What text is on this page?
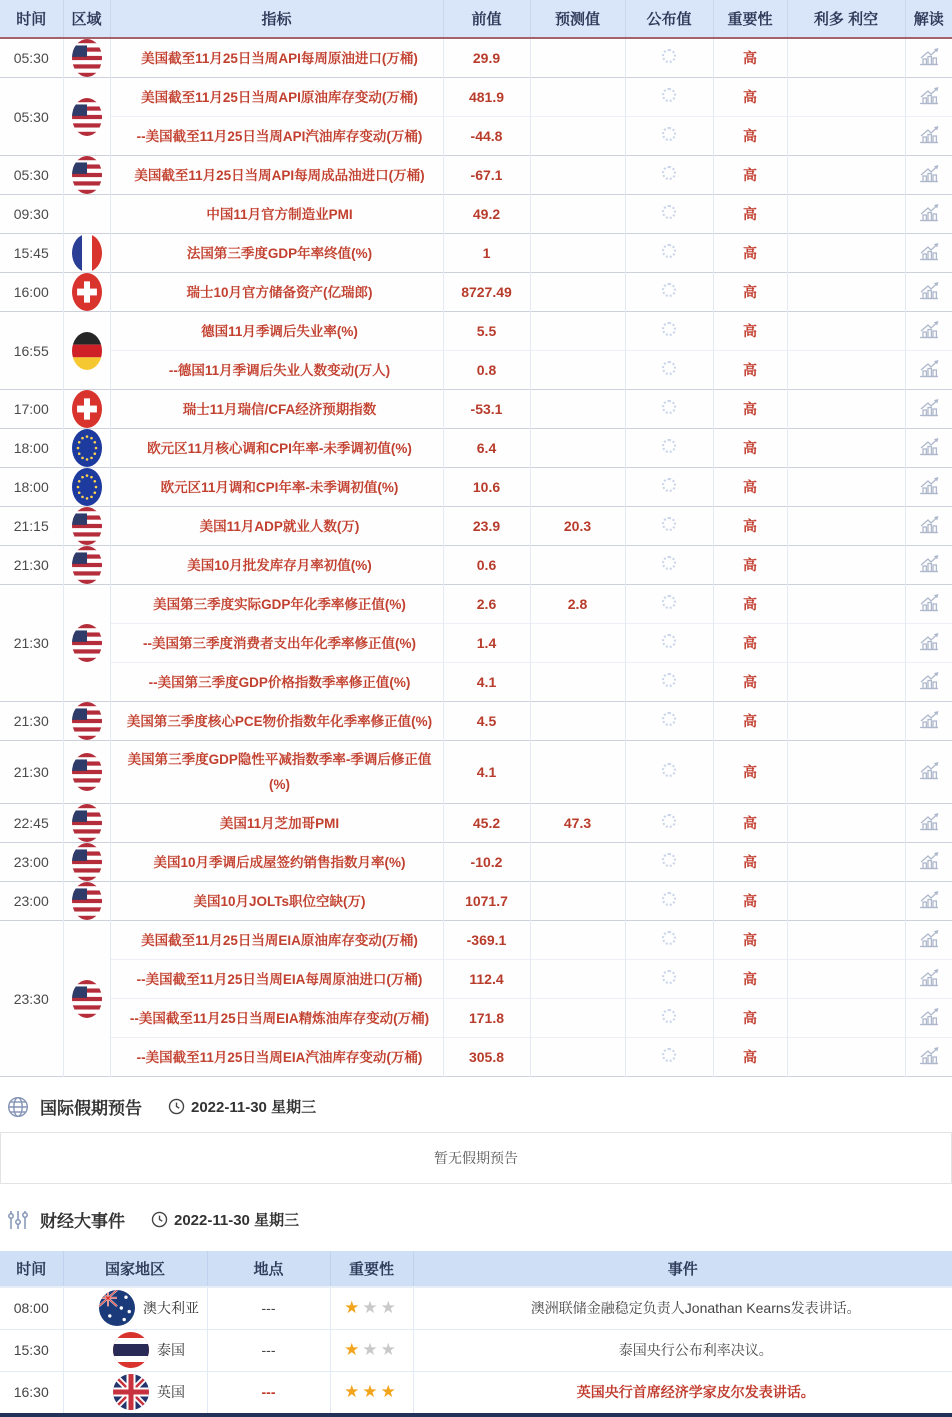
时间	区域	指标	前值	预测值	公布值	重要性	利多 利空	解读
05:30		美国截至11月25日当周API每周原油进口(万桶)	29.9			高		
05:30		美国截至11月25日当周API原油库存变动(万桶)	481.9			高		
		--美国截至11月25日当周API汽油库存变动(万桶)	-44.8			高		
05:30		美国截至11月25日当周API每周成品油进口(万桶)	-67.1			高		
09:30		中国11月官方制造业PMI	49.2			高		
15:45		法国第三季度GDP年率终值(%)	1			高		
16:00		瑞士10月官方储备资产(亿瑞郎)	8727.49			高		
16:55		德国11月季调后失业率(%)	5.5			高		
		--德国11月季调后失业人数变动(万人)	0.8			高		
17:00		瑞士11月瑞信/CFA经济预期指数	-53.1			高		
18:00		欧元区11月核心调和CPI年率-未季调初值(%)	6.4			高		
18:00		欧元区11月调和CPI年率-未季调初值(%)	10.6			高		
21:15		美国11月ADP就业人数(万)	23.9	20.3		高		
21:30		美国10月批发库存月率初值(%)	0.6			高		
21:30		美国第三季度实际GDP年化季率修正值(%)	2.6	2.8		高		
		--美国第三季度消费者支出年化季率修正值(%)	1.4			高		
		--美国第三季度GDP价格指数季率修正值(%)	4.1			高		
21:30		美国第三季度核心PCE物价指数年化季率修正值(%)	4.5			高		
21:30		美国第三季度GDP隐性平减指数季率-季调后修正值(%)	4.1			高		
22:45		美国11月芝加哥PMI	45.2	47.3		高		
23:00		美国10月季调后成屋签约销售指数月率(%)	-10.2			高		
23:00		美国10月JOLTs职位空缺(万)	1071.7			高		
23:30		美国截至11月25日当周EIA原油库存变动(万桶)	-369.1			高		
		--美国截至11月25日当周EIA每周原油进口(万桶)	112.4			高		
		--美国截至11月25日当周EIA精炼油库存变动(万桶)	171.8			高		
		--美国截至11月25日当周EIA汽油库存变动(万桶)	305.8			高		
国际假期预告	2022-11-30 星期三
暂无假期预告
财经大事件	2022-11-30 星期三
时间	国家地区	地点	重要性	事件
08:00	澳大利亚	---	★★★	澳洲联储金融稳定负责人Jonathan Kearns发表讲话。
15:30	泰国	---	★★★	泰国央行公布利率决议。
16:30	英国	---	★★★	英国央行首席经济学家皮尔发表讲话。
